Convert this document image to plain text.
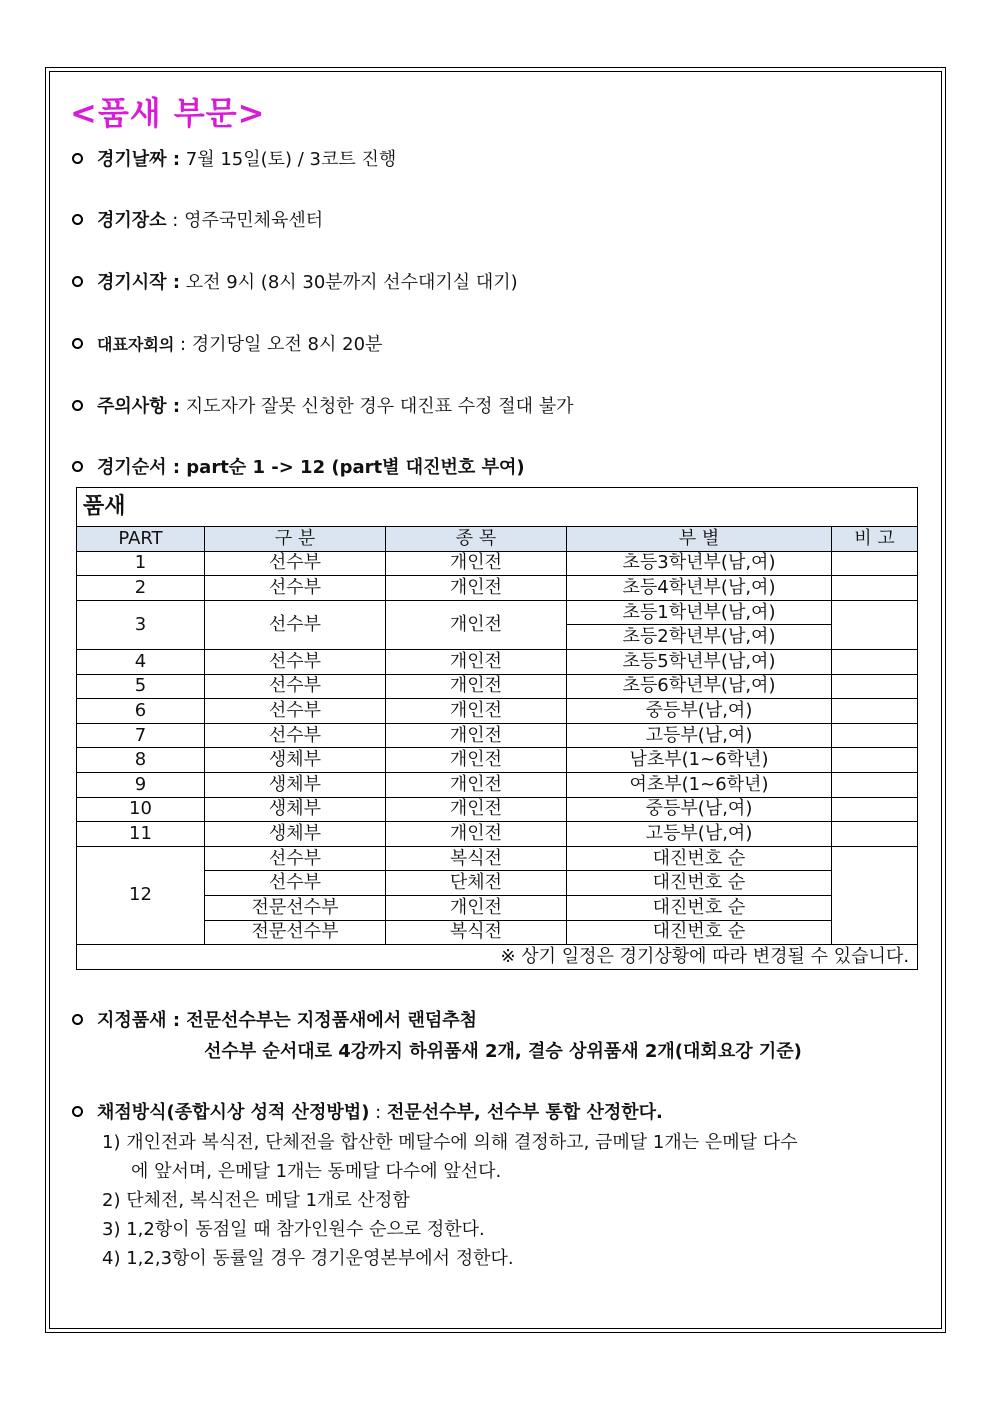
<품새 부문>
경기날짜 : 7월 15일(토) / 3코트 진행
경기장소 : 영주국민체육센터
경기시작 : 오전 9시 (8시 30분까지 선수대기실 대기)
대표자회의 : 경기당일 오전 8시 20분
주의사항 : 지도자가 잘못 신청한 경우 대진표 수정 절대 불가
경기순서 : part순 1 -> 12 (part별 대진번호 부여)
품새				
PART	구 분	종 목	부 별	비 고
1	선수부	개인전	초등3학년부(남,여)	
2	선수부	개인전	초등4학년부(남,여)	
3	선수부	개인전	초등1학년부(남,여)	
			초등2학년부(남,여)	
4	선수부	개인전	초등5학년부(남,여)	
5	선수부	개인전	초등6학년부(남,여)	
6	선수부	개인전	중등부(남,여)	
7	선수부	개인전	고등부(남,여)	
8	생체부	개인전	남초부(1~6학년)	
9	생체부	개인전	여초부(1~6학년)	
10	생체부	개인전	중등부(남,여)	
11	생체부	개인전	고등부(남,여)	
12	선수부	복식전	대진번호 순	
	선수부	단체전	대진번호 순	
	전문선수부	개인전	대진번호 순	
	전문선수부	복식전	대진번호 순	
※ 상기 일정은 경기상황에 따라 변경될 수 있습니다.				
지정품새 : 전문선수부는 지정품새에서 랜덤추첨
선수부 순서대로 4강까지 하위품새 2개, 결승 상위품새 2개(대회요강 기준)
채점방식(종합시상 성적 산정방법) : 전문선수부, 선수부 통합 산정한다.
1) 개인전과 복식전, 단체전을 합산한 메달수에 의해 결정하고, 금메달 1개는 은메달 다수
에 앞서며, 은메달 1개는 동메달 다수에 앞선다.
2) 단체전, 복식전은 메달 1개로 산정함
3) 1,2항이 동점일 때 참가인원수 순으로 정한다.
4) 1,2,3항이 동률일 경우 경기운영본부에서 정한다.
